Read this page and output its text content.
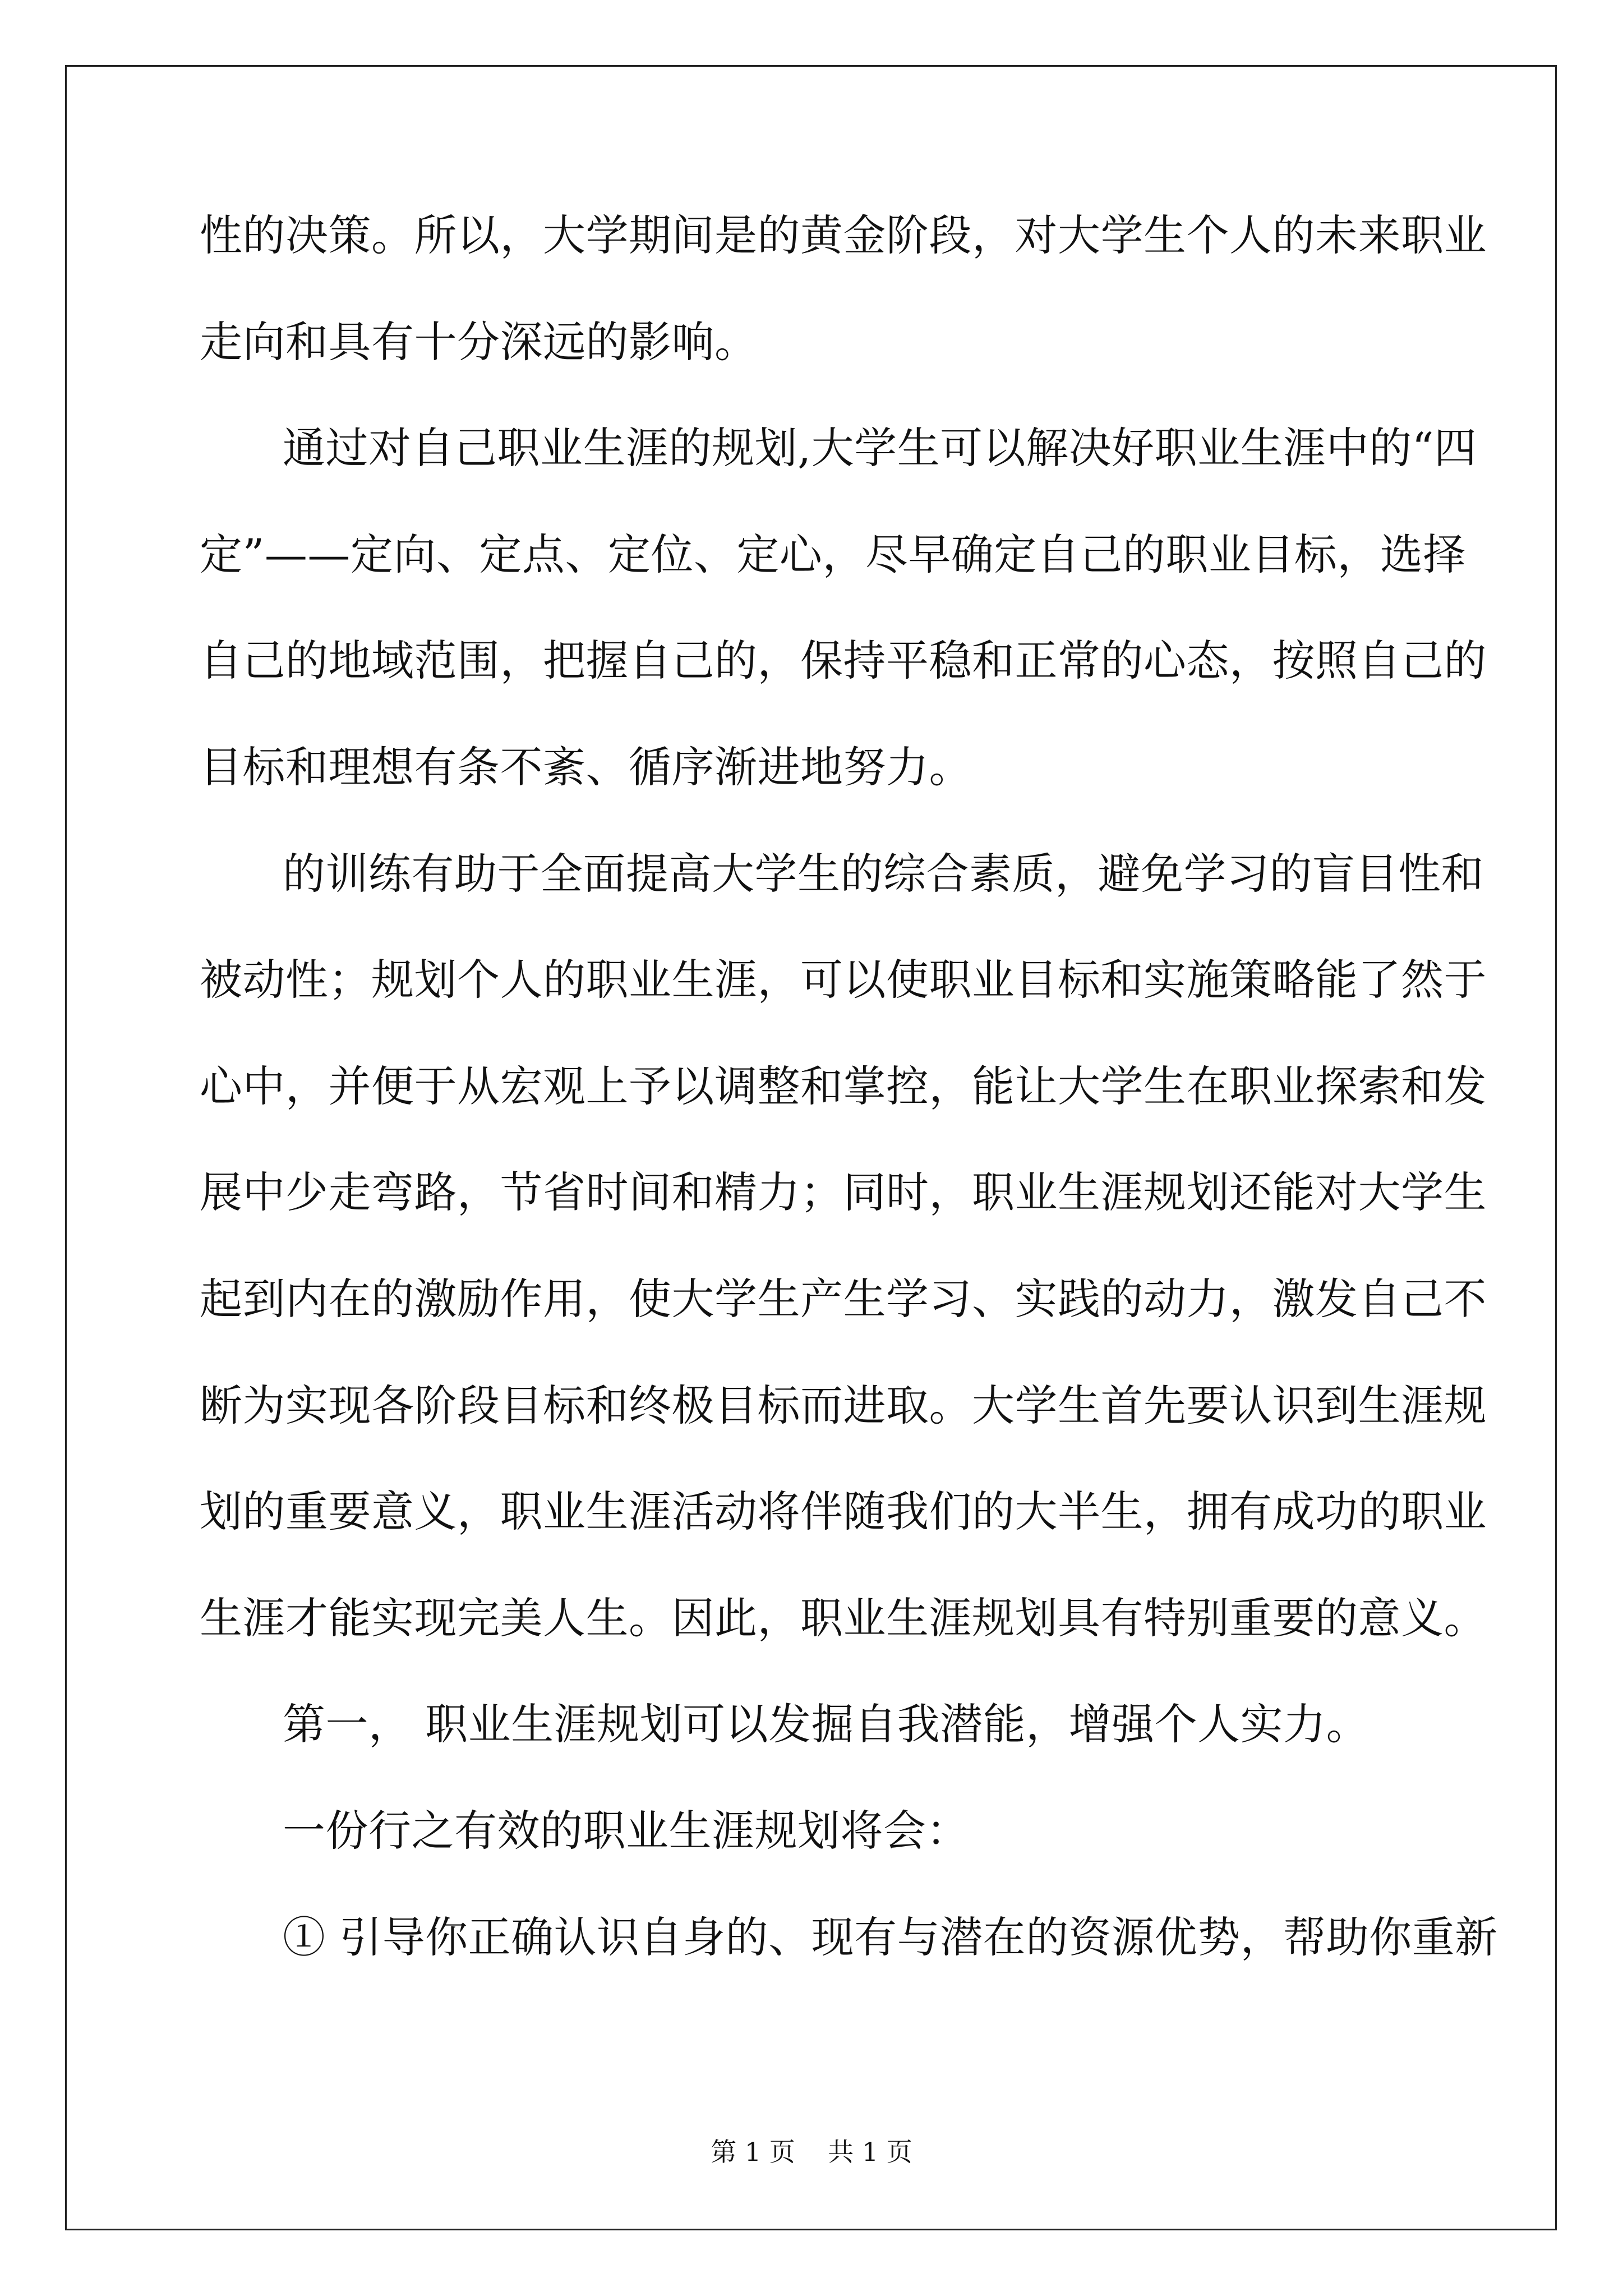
性的决策。所以，大学期间是的黄金阶段，对大学生个人的未来职业
走向和具有十分深远的影响。
通过对自己职业生涯的规划,大学生可以解决好职业生涯中的“四
定”——定向、定点、定位、定心，尽早确定自己的职业目标，选择
自己的地域范围，把握自己的，保持平稳和正常的心态，按照自己的
目标和理想有条不紊、循序渐进地努力。
的训练有助于全面提高大学生的综合素质，避免学习的盲目性和
被动性；规划个人的职业生涯，可以使职业目标和实施策略能了然于
心中，并便于从宏观上予以调整和掌控，能让大学生在职业探索和发
展中少走弯路，节省时间和精力；同时，职业生涯规划还能对大学生
起到内在的激励作用，使大学生产生学习、实践的动力，激发自己不
断为实现各阶段目标和终极目标而进取。大学生首先要认识到生涯规
划的重要意义，职业生涯活动将伴随我们的大半生，拥有成功的职业
生涯才能实现完美人生。因此，职业生涯规划具有特别重要的意义。
第一， 职业生涯规划可以发掘自我潜能，增强个人实力。
一份行之有效的职业生涯规划将会：
① 引导你正确认识自身的、现有与潜在的资源优势，帮助你重新
第 1 页    共 1 页
